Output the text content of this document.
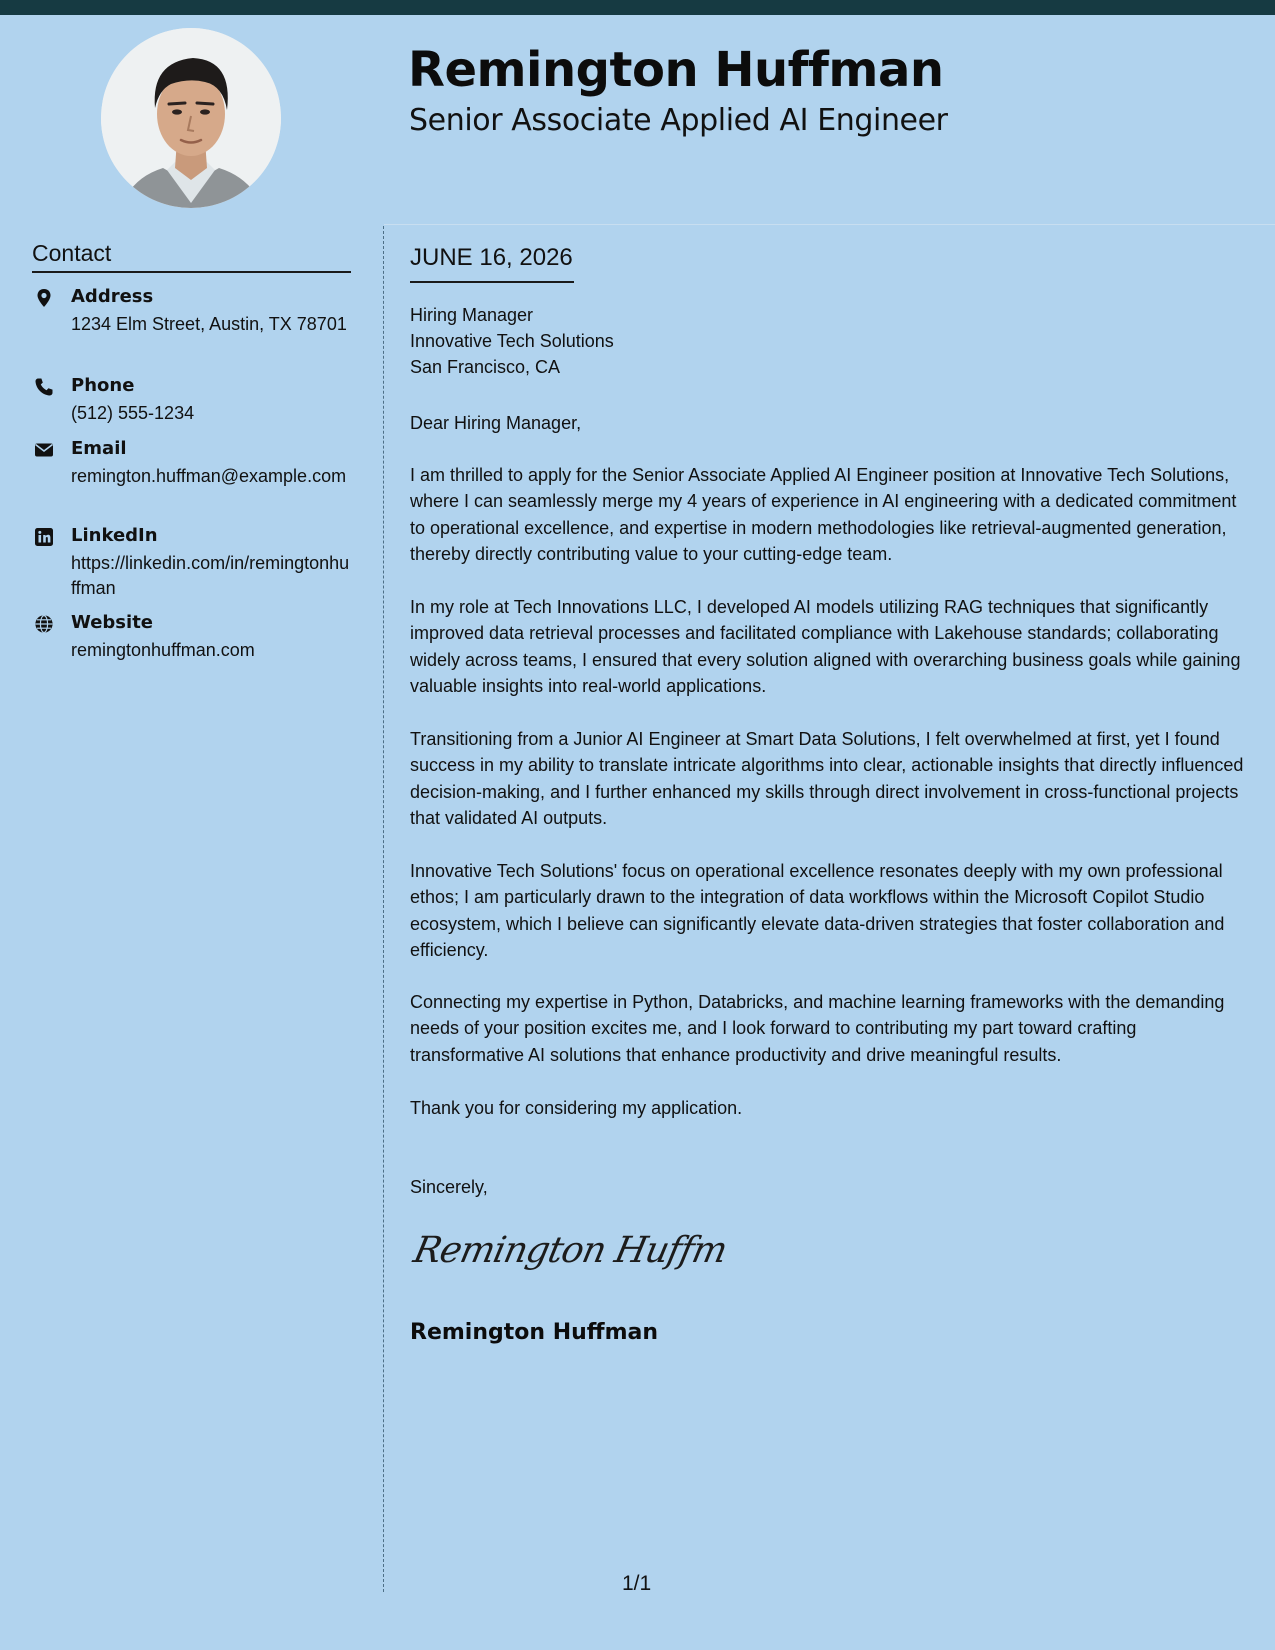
Remington Huffman
Senior Associate Applied AI Engineer
Contact
Address
1234 Elm Street, Austin, TX 78701
Phone
(512) 555-1234
Email
remington.huffman@example.com
LinkedIn
https://linkedin.com/in/remingtonhuffman
Website
remingtonhuffman.com
JUNE 16, 2026
Hiring Manager
Innovative Tech Solutions
San Francisco, CA
Dear Hiring Manager,
I am thrilled to apply for the Senior Associate Applied AI Engineer position at Innovative Tech Solutions, where I can seamlessly merge my 4 years of experience in AI engineering with a dedicated commitment to operational excellence, and expertise in modern methodologies like retrieval-augmented generation, thereby directly contributing value to your cutting-edge team.
In my role at Tech Innovations LLC, I developed AI models utilizing RAG techniques that significantly improved data retrieval processes and facilitated compliance with Lakehouse standards; collaborating widely across teams, I ensured that every solution aligned with overarching business goals while gaining valuable insights into real-world applications.
Transitioning from a Junior AI Engineer at Smart Data Solutions, I felt overwhelmed at first, yet I found success in my ability to translate intricate algorithms into clear, actionable insights that directly influenced decision-making, and I further enhanced my skills through direct involvement in cross-functional projects that validated AI outputs.
Innovative Tech Solutions' focus on operational excellence resonates deeply with my own professional ethos; I am particularly drawn to the integration of data workflows within the Microsoft Copilot Studio ecosystem, which I believe can significantly elevate data-driven strategies that foster collaboration and efficiency.
Connecting my expertise in Python, Databricks, and machine learning frameworks with the demanding needs of your position excites me, and I look forward to contributing my part toward crafting transformative AI solutions that enhance productivity and drive meaningful results.
Thank you for considering my application.
Sincerely,
Remington Huffm
Remington Huffman
1/1
